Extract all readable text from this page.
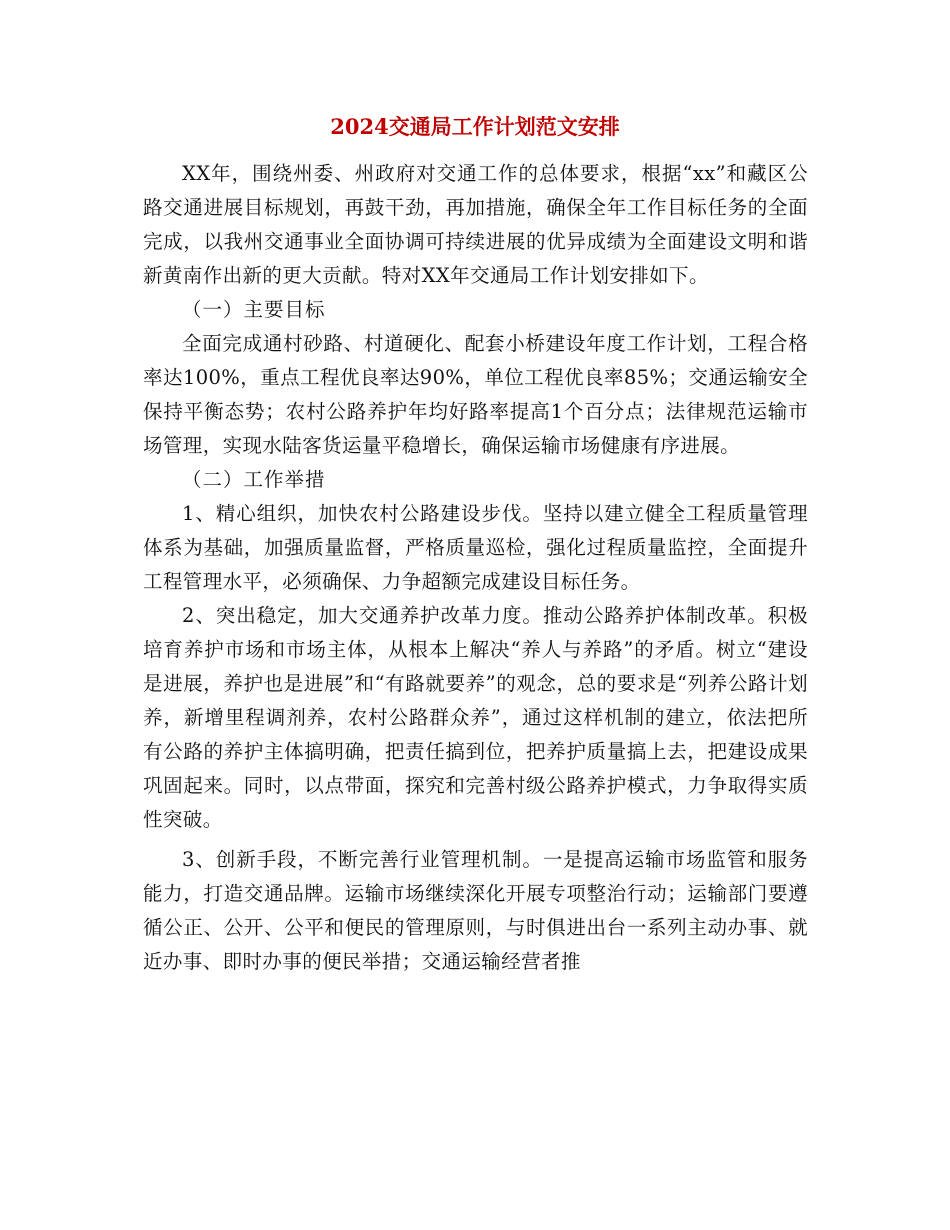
2024交通局工作计划范文安排

XX年，围绕州委、州政府对交通工作的总体要求，根据“xx”和藏区公路交通进展目标规划，再鼓干劲，再加措施，确保全年工作目标任务的全面完成，以我州交通事业全面协调可持续进展的优异成绩为全面建设文明和谐新黄南作出新的更大贡献。特对XX年交通局工作计划安排如下。

（一）主要目标

全面完成通村砂路、村道硬化、配套小桥建设年度工作计划，工程合格率达100%，重点工程优良率达90%，单位工程优良率85%；交通运输安全保持平衡态势；农村公路养护年均好路率提高1个百分点；法律规范运输市场管理，实现水陆客货运量平稳增长，确保运输市场健康有序进展。

（二）工作举措

1、精心组织，加快农村公路建设步伐。坚持以建立健全工程质量管理体系为基础，加强质量监督，严格质量巡检，强化过程质量监控，全面提升工程管理水平，必须确保、力争超额完成建设目标任务。

2、突出稳定，加大交通养护改革力度。推动公路养护体制改革。积极培育养护市场和市场主体，从根本上解决“养人与养路”的矛盾。树立“建设是进展，养护也是进展”和“有路就要养”的观念，总的要求是“列养公路计划养，新增里程调剂养，农村公路群众养”，通过这样机制的建立，依法把所有公路的养护主体搞明确，把责任搞到位，把养护质量搞上去，把建设成果巩固起来。同时，以点带面，探究和完善村级公路养护模式，力争取得实质性突破。

3、创新手段，不断完善行业管理机制。一是提高运输市场监管和服务能力，打造交通品牌。运输市场继续深化开展专项整治行动；运输部门要遵循公正、公开、公平和便民的管理原则，与时俱进出台一系列主动办事、就近办事、即时办事的便民举措；交通运输经营者推
